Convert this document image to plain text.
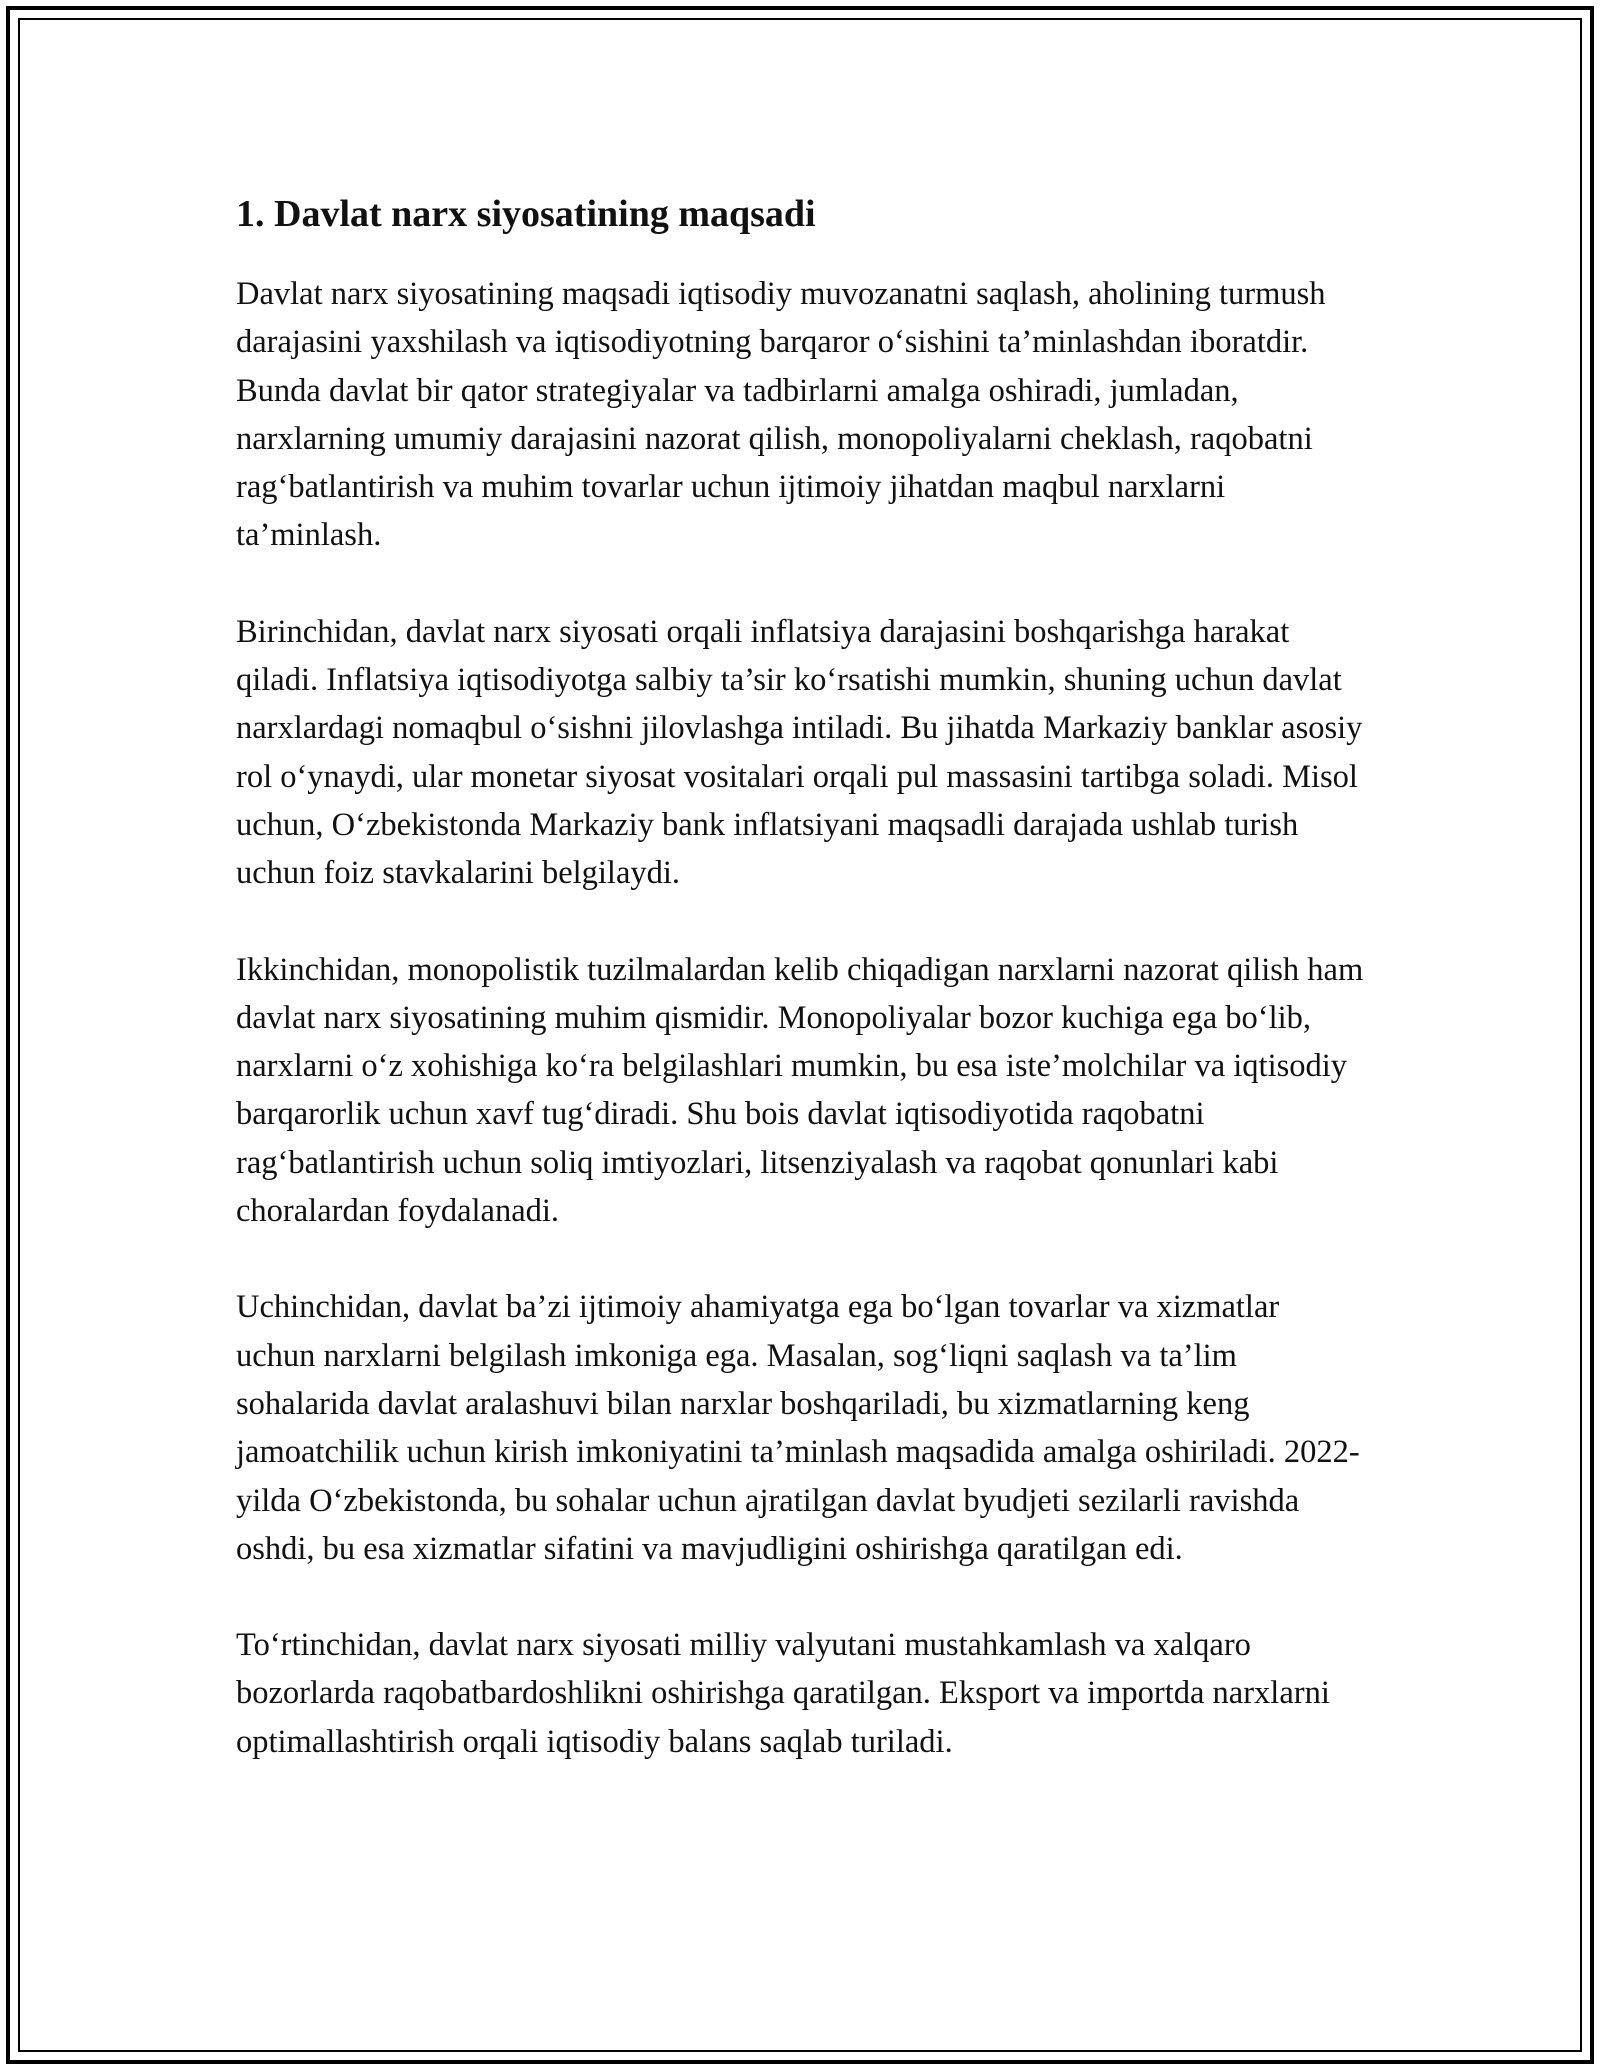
1. Davlat narx siyosatining maqsadi

Davlat narx siyosatining maqsadi iqtisodiy muvozanatni saqlash, aholining turmush darajasini yaxshilash va iqtisodiyotning barqaror o‘sishini ta’minlashdan iboratdir. Bunda davlat bir qator strategiyalar va tadbirlarni amalga oshiradi, jumladan, narxlarning umumiy darajasini nazorat qilish, monopoliyalarni cheklash, raqobatni rag‘batlantirish va muhim tovarlar uchun ijtimoiy jihatdan maqbul narxlarni ta’minlash.

Birinchidan, davlat narx siyosati orqali inflatsiya darajasini boshqarishga harakat qiladi. Inflatsiya iqtisodiyotga salbiy ta’sir ko‘rsatishi mumkin, shuning uchun davlat narxlardagi nomaqbul o‘sishni jilovlashga intiladi. Bu jihatda Markaziy banklar asosiy rol o‘ynaydi, ular monetar siyosat vositalari orqali pul massasini tartibga soladi. Misol uchun, O‘zbekistonda Markaziy bank inflatsiyani maqsadli darajada ushlab turish uchun foiz stavkalarini belgilaydi.

Ikkinchidan, monopolistik tuzilmalardan kelib chiqadigan narxlarni nazorat qilish ham davlat narx siyosatining muhim qismidir. Monopoliyalar bozor kuchiga ega bo‘lib, narxlarni o‘z xohishiga ko‘ra belgilashlari mumkin, bu esa iste’molchilar va iqtisodiy barqarorlik uchun xavf tug‘diradi. Shu bois davlat iqtisodiyotida raqobatni rag‘batlantirish uchun soliq imtiyozlari, litsenziyalash va raqobat qonunlari kabi choralardan foydalanadi.

Uchinchidan, davlat ba’zi ijtimoiy ahamiyatga ega bo‘lgan tovarlar va xizmatlar uchun narxlarni belgilash imkoniga ega. Masalan, sog‘liqni saqlash va ta’lim sohalarida davlat aralashuvi bilan narxlar boshqariladi, bu xizmatlarning keng jamoatchilik uchun kirish imkoniyatini ta’minlash maqsadida amalga oshiriladi. 2022-yilda O‘zbekistonda, bu sohalar uchun ajratilgan davlat byudjeti sezilarli ravishda oshdi, bu esa xizmatlar sifatini va mavjudligini oshirishga qaratilgan edi.

To‘rtinchidan, davlat narx siyosati milliy valyutani mustahkamlash va xalqaro bozorlarda raqobatbardoshlikni oshirishga qaratilgan. Eksport va importda narxlarni optimallashtirish orqali iqtisodiy balans saqlab turiladi.
